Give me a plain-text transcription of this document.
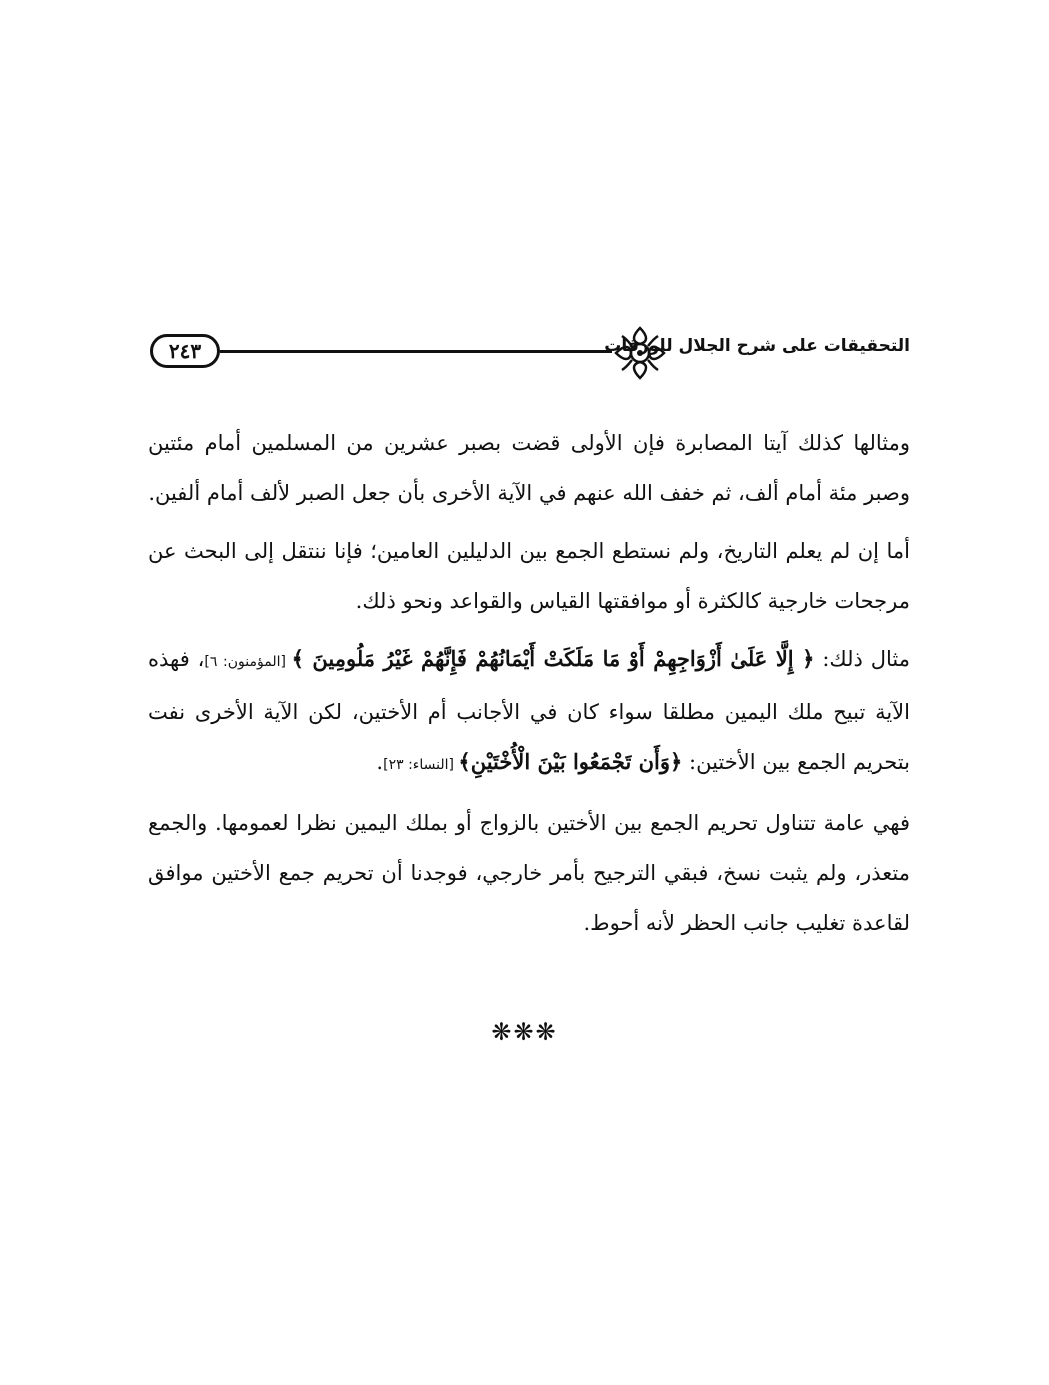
٢٤٣	التحقيقات على شرح الجلال للورقات

ومثالها كذلك آيتا المصابرة فإن الأولى قضت بصبر عشرين من المسلمين أمام مئتين وصبر مئة أمام ألف، ثم خفف الله عنهم في الآية الأخرى بأن جعل الصبر لألف أمام ألفين.

أما إن لم يعلم التاريخ، ولم نستطع الجمع بين الدليلين العامين؛ فإنا ننتقل إلى البحث عن مرجحات خارجية كالكثرة أو موافقتها القياس والقواعد ونحو ذلك.

مثال ذلك: ﴿ إِلَّا عَلَىٰ أَزْوَاجِهِمْ أَوْ مَا مَلَكَتْ أَيْمَانُهُمْ فَإِنَّهُمْ غَيْرُ مَلُومِينَ ﴾ [المؤمنون: ٦]، فهذه الآية تبيح ملك اليمين مطلقا سواء كان في الأجانب أم الأختين، لكن الآية الأخرى نفت بتحريم الجمع بين الأختين: ﴿وَأَن تَجْمَعُوا بَيْنَ الْأُخْتَيْنِ﴾ [النساء: ٢٣].

فهي عامة تتناول تحريم الجمع بين الأختين بالزواج أو بملك اليمين نظرا لعمومها. والجمع متعذر، ولم يثبت نسخ، فبقي الترجيح بأمر خارجي، فوجدنا أن تحريم جمع الأختين موافق لقاعدة تغليب جانب الحظر لأنه أحوط.

❋❋❋
